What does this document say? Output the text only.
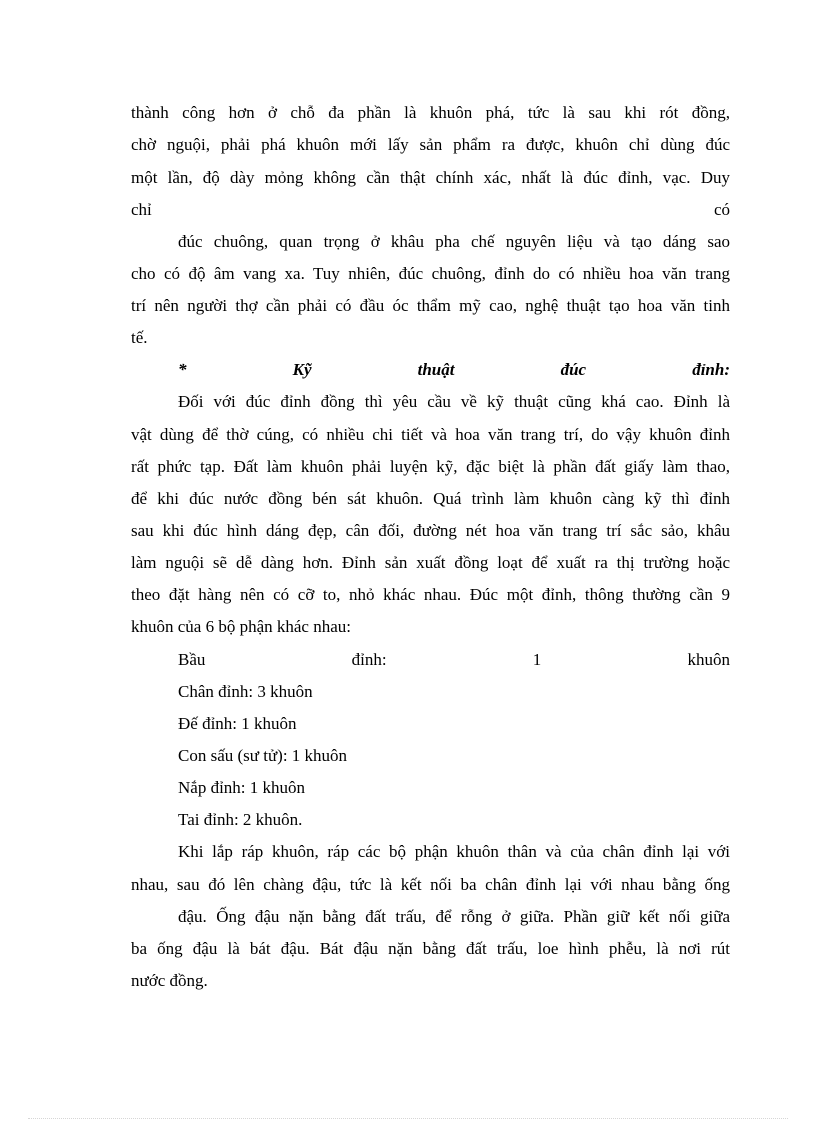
thành công hơn ở chỗ đa phần là khuôn phá, tức là sau khi rót đồng,
chờ nguội, phải phá khuôn mới lấy sản phẩm ra được, khuôn chỉ dùng đúc
một lần, độ dày mỏng không cần thật chính xác, nhất là đúc đỉnh, vạc. Duy
chỉ có
đúc chuông, quan trọng ở khâu pha chế nguyên liệu và tạo dáng sao
cho có độ âm vang xa. Tuy nhiên, đúc chuông, đỉnh do có nhiều hoa văn trang
trí nên người thợ cần phải có đầu óc thẩm mỹ cao, nghệ thuật tạo hoa văn tinh
tế.
* Kỹ thuật đúc đỉnh:
Đối với đúc đỉnh đồng thì yêu cầu về kỹ thuật cũng khá cao. Đỉnh là
vật dùng để thờ cúng, có nhiều chi tiết và hoa văn trang trí, do vậy khuôn đỉnh
rất phức tạp. Đất làm khuôn phải luyện kỹ, đặc biệt là phần đất giấy làm thao,
để khi đúc nước đồng bén sát khuôn. Quá trình làm khuôn càng kỹ thì đỉnh
sau khi đúc hình dáng đẹp, cân đối, đường nét hoa văn trang trí sắc sảo, khâu
làm nguội sẽ dễ dàng hơn. Đỉnh sản xuất đồng loạt để xuất ra thị trường hoặc
theo đặt hàng nên có cỡ to, nhỏ khác nhau. Đúc một đỉnh, thông thường cần 9
khuôn của 6 bộ phận khác nhau:
Bầu đỉnh: 1 khuôn
Chân đỉnh: 3 khuôn
Đế đỉnh: 1 khuôn
Con sấu (sư tử): 1 khuôn
Nắp đỉnh: 1 khuôn
Tai đỉnh: 2 khuôn.
Khi lắp ráp khuôn, ráp các bộ phận khuôn thân và của chân đỉnh lại với
nhau, sau đó lên chàng đậu, tức là kết nối ba chân đỉnh lại với nhau bằng ống
đậu. Ống đậu nặn bằng đất trấu, để rỗng ở giữa. Phần giữ kết nối giữa
ba ống đậu là bát đậu. Bát đậu nặn bằng đất trấu, loe hình phễu, là nơi rút
nước đồng.
